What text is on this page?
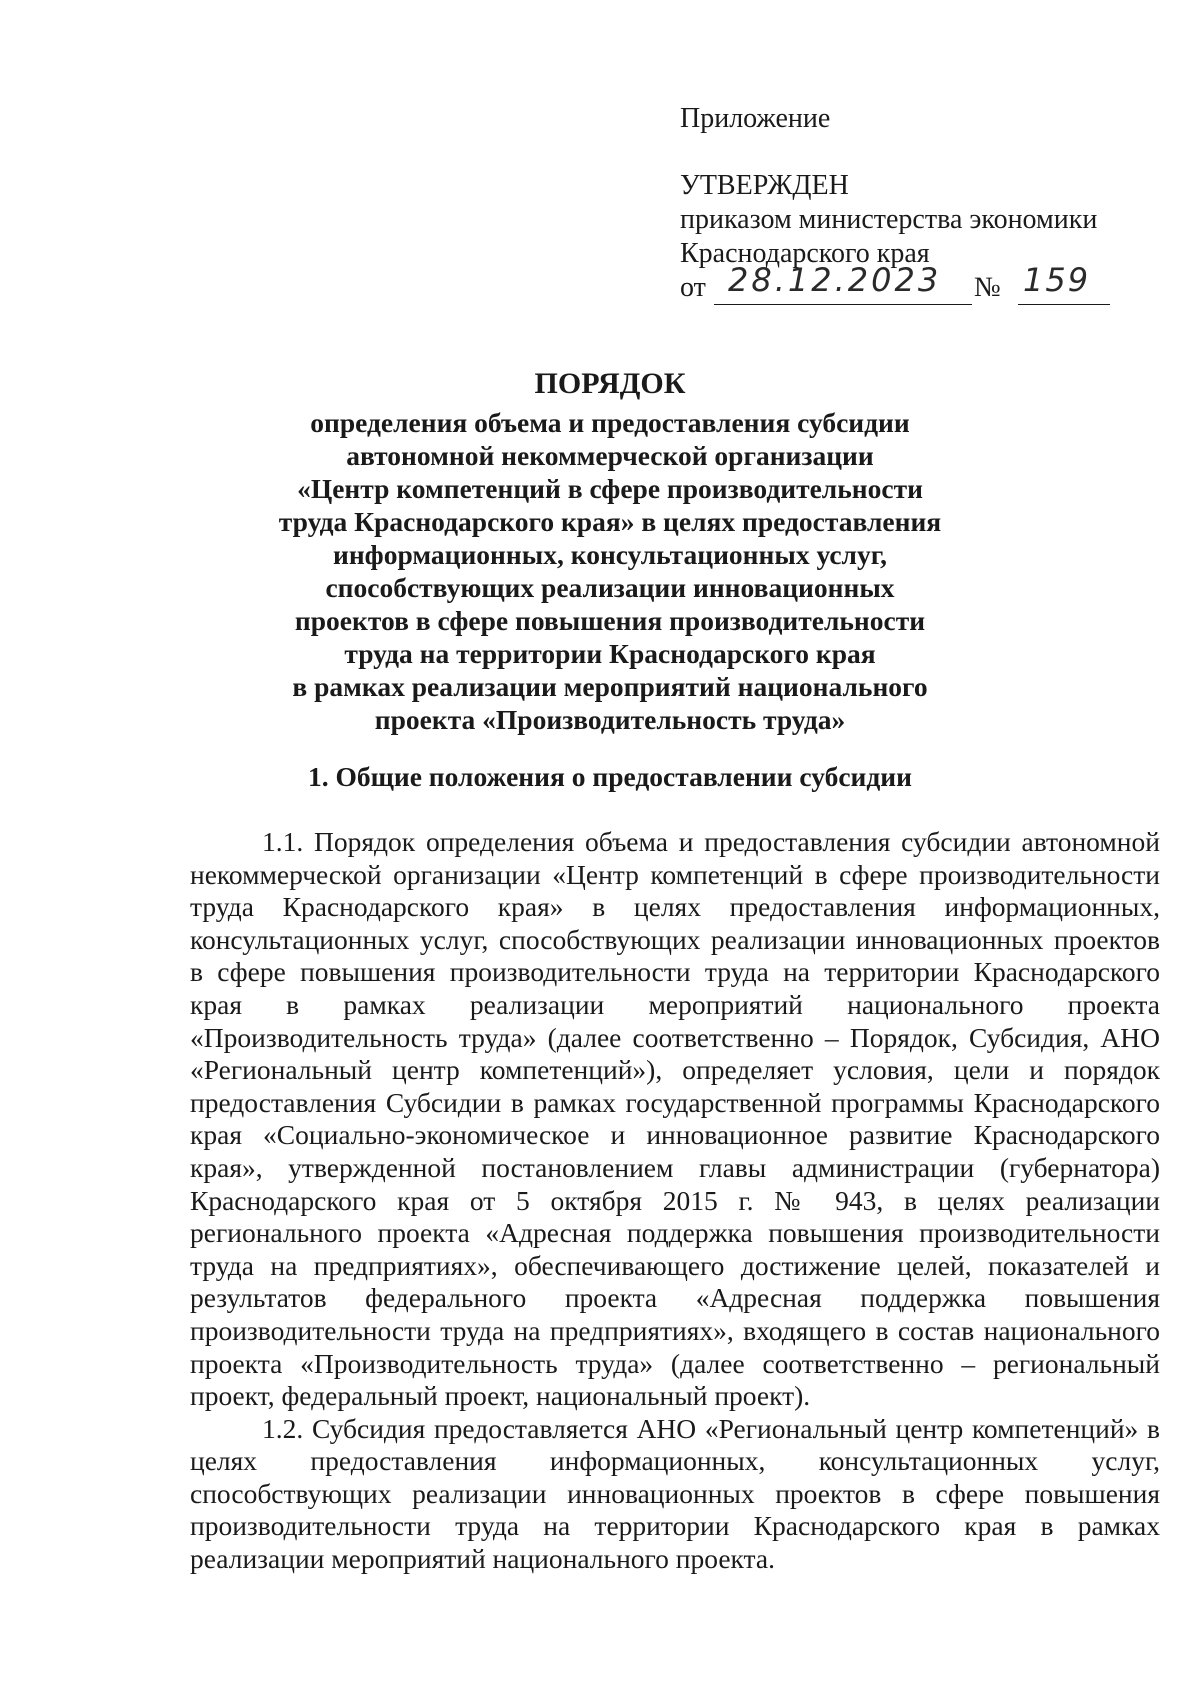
Приложение
УТВЕРЖДЕН
приказом министерства экономики
Краснодарского края
от 28.12.2023 № 159
ПОРЯДОК
определения объема и предоставления субсидии
автономной некоммерческой организации
«Центр компетенций в сфере производительности
труда Краснодарского края» в целях предоставления
информационных, консультационных услуг,
способствующих реализации инновационных
проектов в сфере повышения производительности
труда на территории Краснодарского края
в рамках реализации мероприятий национального
проекта «Производительность труда»
1. Общие положения о предоставлении субсидии

1.1. Порядок определения объема и предоставления субсидии автономной некоммерческой организации «Центр компетенций в сфере производительности труда Краснодарского края» в целях предоставления информационных, консультационных услуг, способствующих реализации инновационных проектов в сфере повышения производительности труда на территории Краснодарского края в рамках реализации мероприятий национального проекта «Производительность труда» (далее соответственно – Порядок, Субсидия, АНО «Региональный центр компетенций»), определяет условия, цели и порядок предоставления Субсидии в рамках государственной программы Краснодарского края «Социально-экономическое и инновационное развитие Краснодарского края», утвержденной постановлением главы администрации (губернатора) Краснодарского края от 5 октября 2015 г. № 943, в целях реализации регионального проекта «Адресная поддержка повышения производительности труда на предприятиях», обеспечивающего достижение целей, показателей и результатов федерального проекта «Адресная поддержка повышения производительности труда на предприятиях», входящего в состав национального проекта «Производительность труда» (далее соответственно – региональный проект, федеральный проект, национальный проект).

1.2. Субсидия предоставляется АНО «Региональный центр компетенций» в целях предоставления информационных, консультационных услуг, способствующих реализации инновационных проектов в сфере повышения производительности труда на территории Краснодарского края в рамках реализации мероприятий национального проекта.
